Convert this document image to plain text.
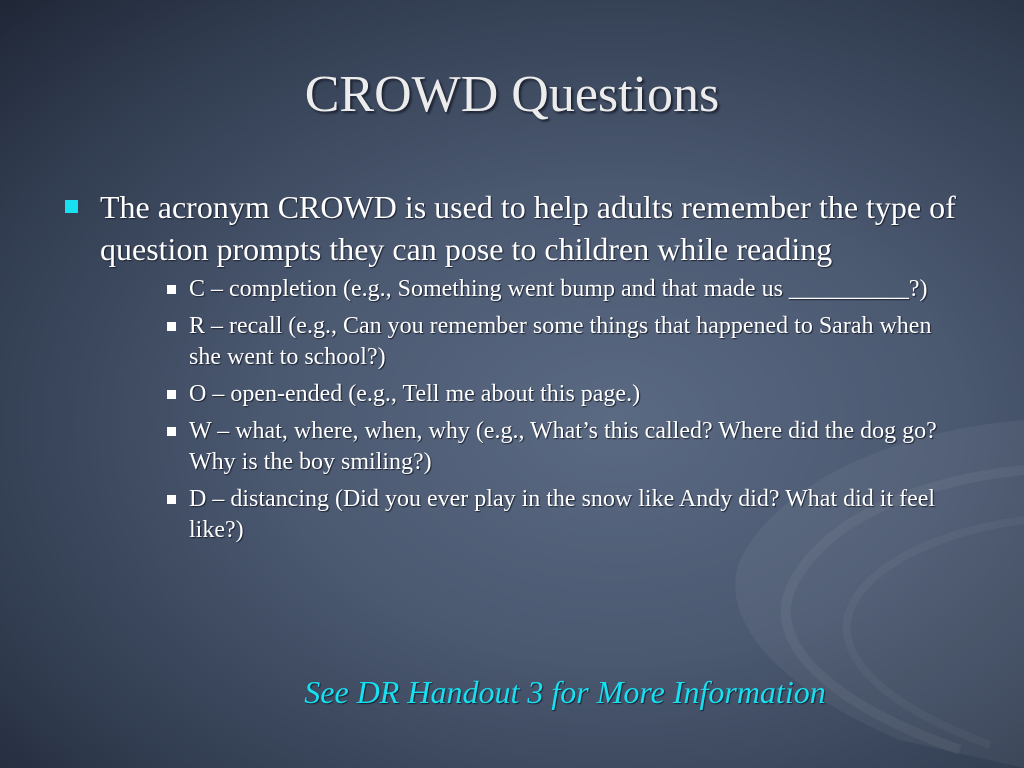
CROWD Questions
The acronym CROWD is used to help adults remember the type of question prompts they can pose to children while reading
C – completion (e.g., Something went bump and that made us __________?)
R – recall (e.g., Can you remember some things that happened to Sarah when she went to school?)
O – open-ended (e.g., Tell me about this page.)
W – what, where, when, why (e.g., What’s this called? Where did the dog go? Why is the boy smiling?)
D – distancing (Did you ever play in the snow like Andy did? What did it feel like?)
See DR Handout 3 for More Information
